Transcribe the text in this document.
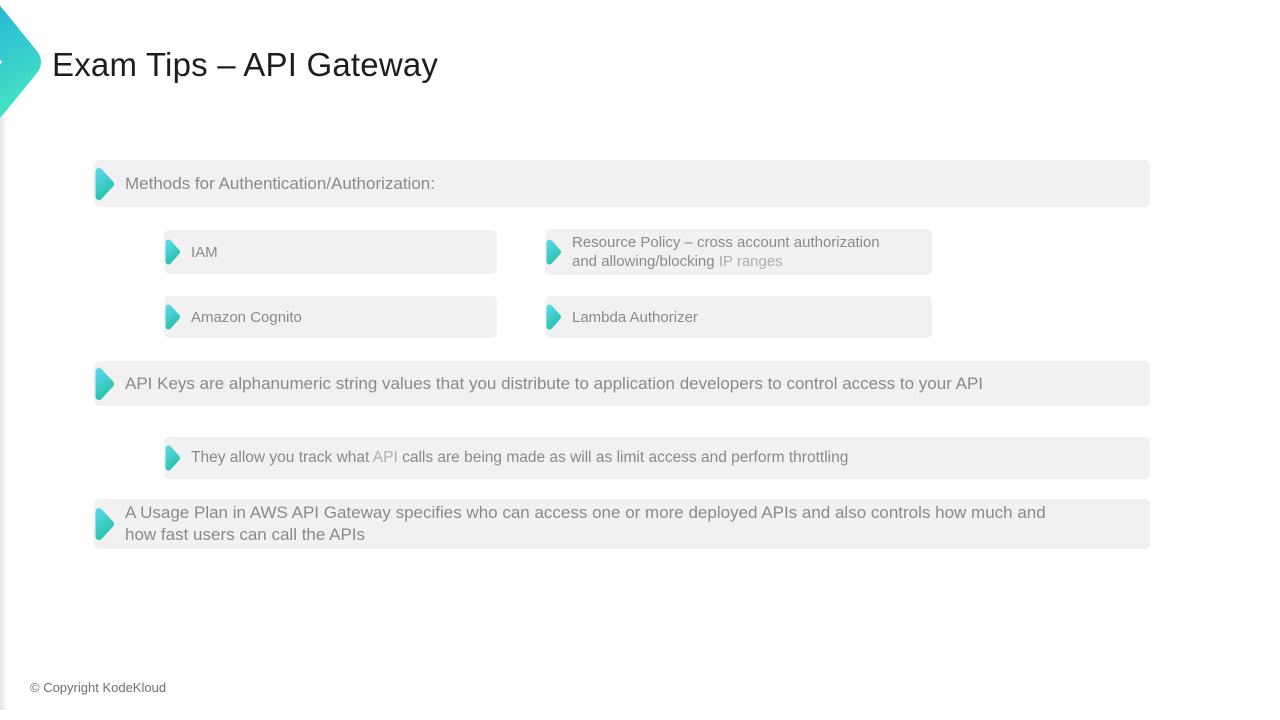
Exam Tips – API Gateway
Methods for Authentication/Authorization:
IAM
Resource Policy – cross account authorization and allowing/blocking IP ranges
Amazon Cognito	Lambda Authorizer
API Keys are alphanumeric string values that you distribute to application developers to control access to your API
They allow you track what API calls are being made as will as limit access and perform throttling
A Usage Plan in AWS API Gateway specifies who can access one or more deployed APIs and also controls how much and
how fast users can call the APIs
© Copyright KodeKloud
